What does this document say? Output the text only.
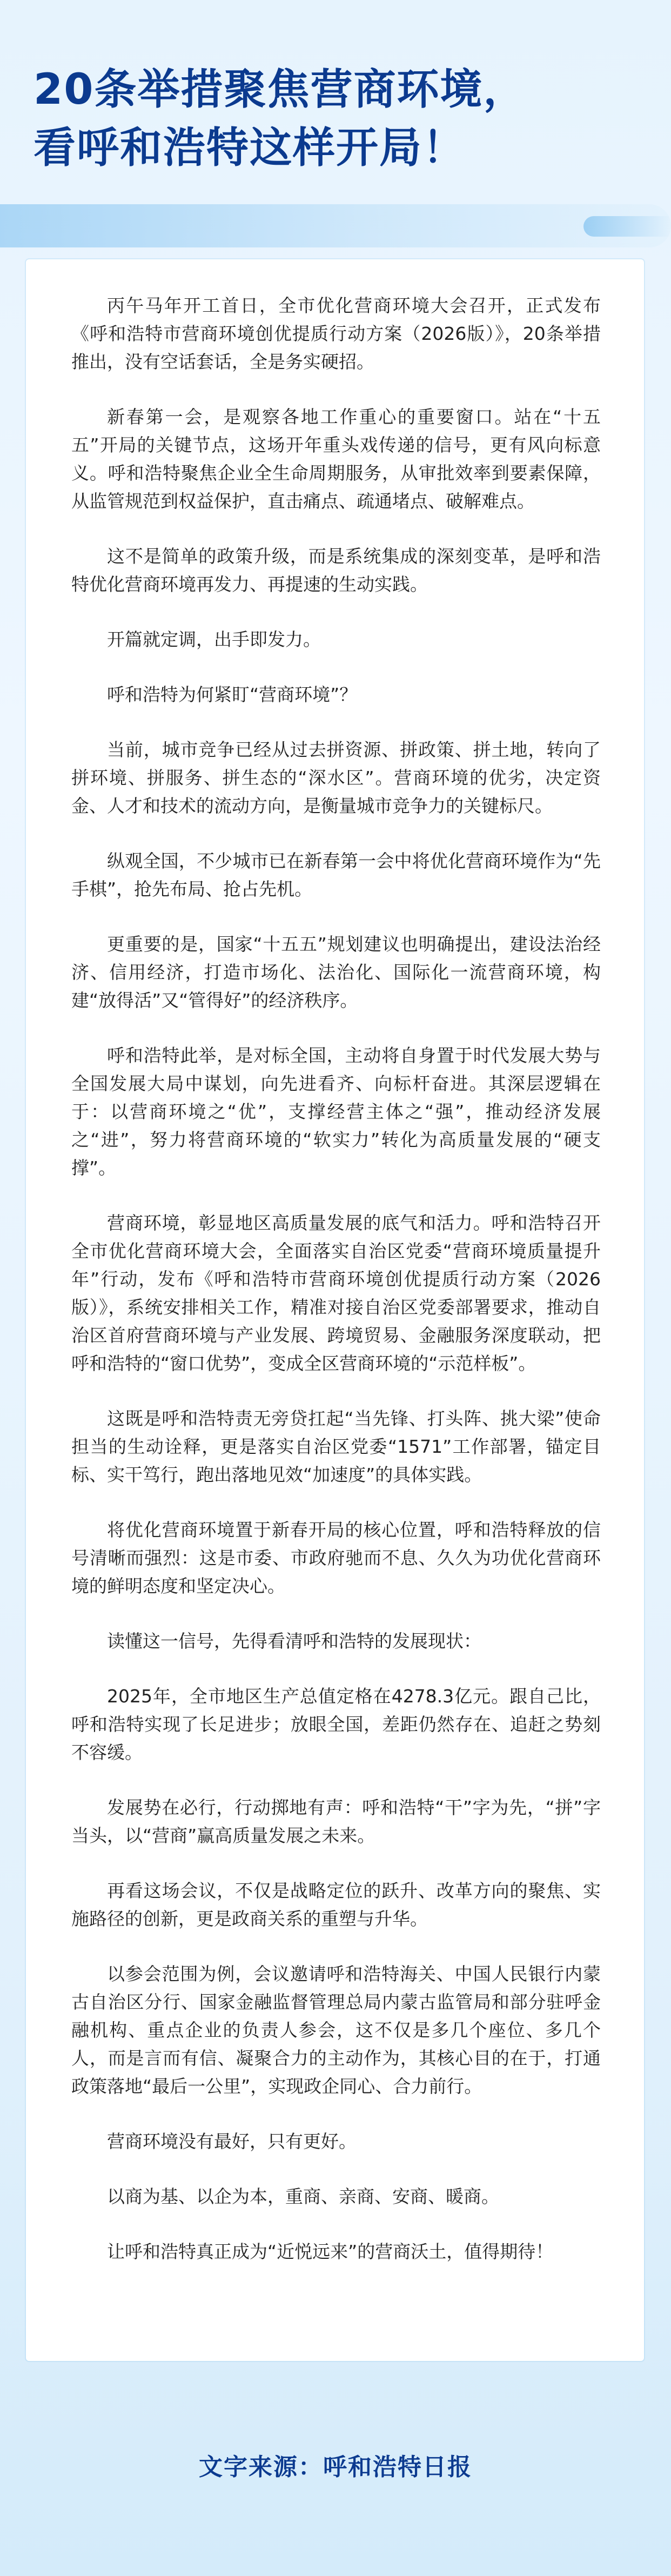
20条举措聚焦营商环境，
看呼和浩特这样开局！

丙午马年开工首日，全市优化营商环境大会召开，正式发布《呼和浩特市营商环境创优提质行动方案（2026版）》，20条举措推出，没有空话套话，全是务实硬招。

新春第一会，是观察各地工作重心的重要窗口。站在“十五五”开局的关键节点，这场开年重头戏传递的信号，更有风向标意义。呼和浩特聚焦企业全生命周期服务，从审批效率到要素保障，从监管规范到权益保护，直击痛点、疏通堵点、破解难点。

这不是简单的政策升级，而是系统集成的深刻变革，是呼和浩特优化营商环境再发力、再提速的生动实践。

开篇就定调，出手即发力。

呼和浩特为何紧盯“营商环境”？

当前，城市竞争已经从过去拼资源、拼政策、拼土地，转向了拼环境、拼服务、拼生态的“深水区”。营商环境的优劣，决定资金、人才和技术的流动方向，是衡量城市竞争力的关键标尺。

纵观全国，不少城市已在新春第一会中将优化营商环境作为“先手棋”，抢先布局、抢占先机。

更重要的是，国家“十五五”规划建议也明确提出，建设法治经济、信用经济，打造市场化、法治化、国际化一流营商环境，构建“放得活”又“管得好”的经济秩序。

呼和浩特此举，是对标全国，主动将自身置于时代发展大势与全国发展大局中谋划，向先进看齐、向标杆奋进。其深层逻辑在于：以营商环境之“优”，支撑经营主体之“强”，推动经济发展之“进”，努力将营商环境的“软实力”转化为高质量发展的“硬支撑”。

营商环境，彰显地区高质量发展的底气和活力。呼和浩特召开全市优化营商环境大会，全面落实自治区党委“营商环境质量提升年”行动，发布《呼和浩特市营商环境创优提质行动方案（2026版）》，系统安排相关工作，精准对接自治区党委部署要求，推动自治区首府营商环境与产业发展、跨境贸易、金融服务深度联动，把呼和浩特的“窗口优势”，变成全区营商环境的“示范样板”。

这既是呼和浩特责无旁贷扛起“当先锋、打头阵、挑大梁”使命担当的生动诠释，更是落实自治区党委“1571”工作部署，锚定目标、实干笃行，跑出落地见效“加速度”的具体实践。

将优化营商环境置于新春开局的核心位置，呼和浩特释放的信号清晰而强烈：这是市委、市政府驰而不息、久久为功优化营商环境的鲜明态度和坚定决心。

读懂这一信号，先得看清呼和浩特的发展现状：

2025年，全市地区生产总值定格在4278.3亿元。跟自己比，呼和浩特实现了长足进步；放眼全国，差距仍然存在、追赶之势刻不容缓。

发展势在必行，行动掷地有声：呼和浩特“干”字为先，“拼”字当头，以“营商”赢高质量发展之未来。

再看这场会议，不仅是战略定位的跃升、改革方向的聚焦、实施路径的创新，更是政商关系的重塑与升华。

以参会范围为例，会议邀请呼和浩特海关、中国人民银行内蒙古自治区分行、国家金融监督管理总局内蒙古监管局和部分驻呼金融机构、重点企业的负责人参会，这不仅是多几个座位、多几个人，而是言而有信、凝聚合力的主动作为，其核心目的在于，打通政策落地“最后一公里”，实现政企同心、合力前行。

营商环境没有最好，只有更好。

以商为基、以企为本，重商、亲商、安商、暖商。

让呼和浩特真正成为“近悦远来”的营商沃土，值得期待！

文字来源：呼和浩特日报
